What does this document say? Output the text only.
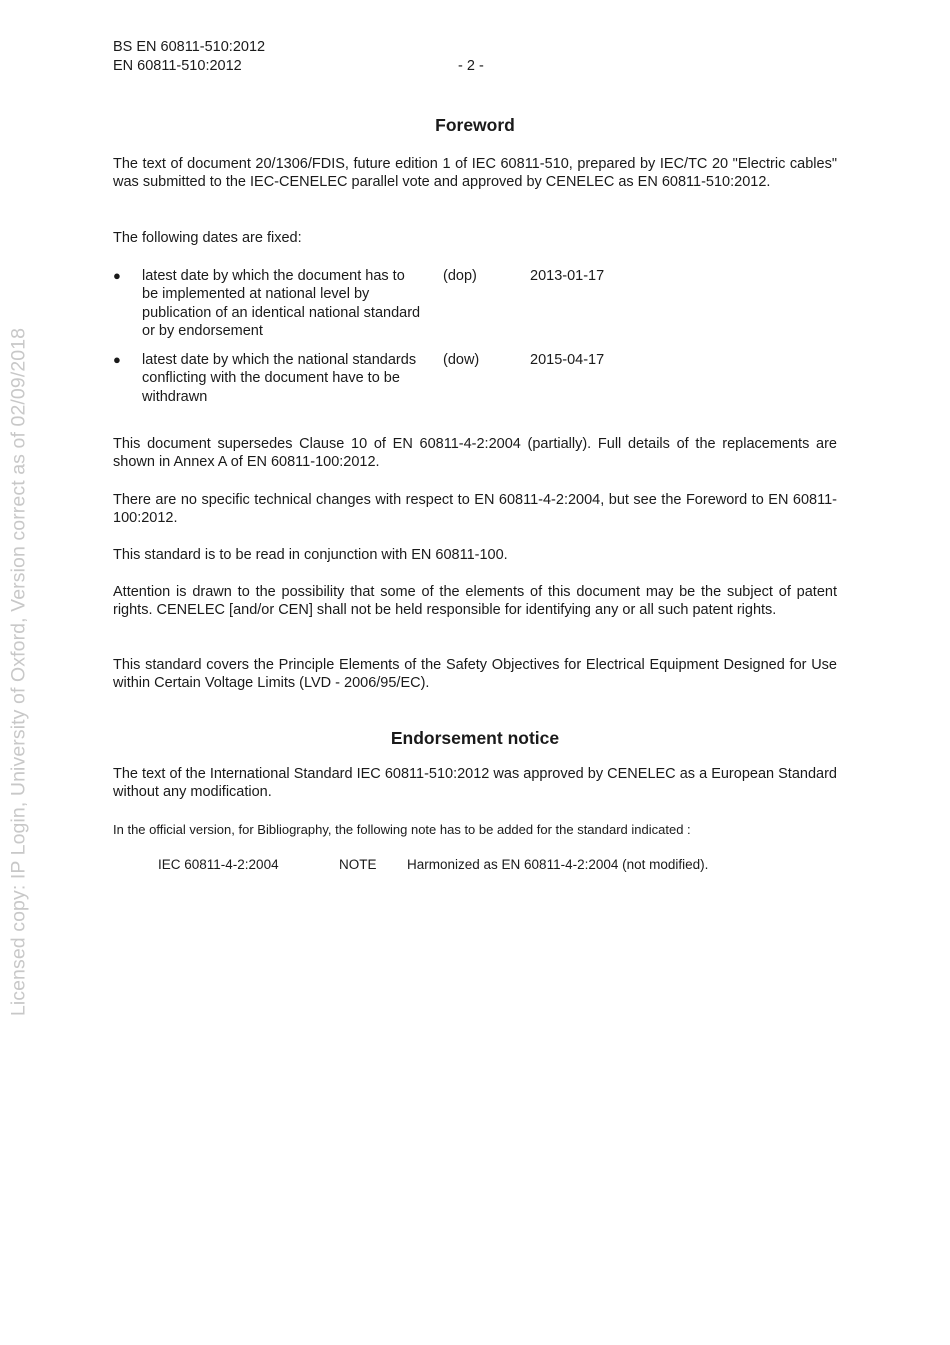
Licensed copy: IP Login, University of Oxford, Version correct as of 02/09/2018
BS EN 60811-510:2012
EN 60811-510:2012	- 2 -
Foreword

The text of document 20/1306/FDIS, future edition 1 of IEC 60811-510, prepared by IEC/TC 20 "Electric cables" was submitted to the IEC-CENELEC parallel vote and approved by CENELEC as EN 60811-510:2012.

The following dates are fixed:

● latest date by which the document has to be implemented at national level by publication of an identical national standard or by endorsement
(dop)	2013-01-17
● latest date by which the national standards conflicting with the document have to be withdrawn
(dow)	2015-04-17

This document supersedes Clause 10 of EN 60811-4-2:2004 (partially). Full details of the replacements are shown in Annex A of EN 60811-100:2012.

There are no specific technical changes with respect to EN 60811-4-2:2004, but see the Foreword to EN 60811-100:2012.

This standard is to be read in conjunction with EN 60811-100.

Attention is drawn to the possibility that some of the elements of this document may be the subject of patent rights. CENELEC [and/or CEN] shall not be held responsible for identifying any or all such patent rights.

This standard covers the Principle Elements of the Safety Objectives for Electrical Equipment Designed for Use within Certain Voltage Limits (LVD - 2006/95/EC).

Endorsement notice

The text of the International Standard IEC 60811-510:2012 was approved by CENELEC as a European Standard without any modification.

In the official version, for Bibliography, the following note has to be added for the standard indicated :
IEC 60811-4-2:2004	NOTE Harmonized as EN 60811-4-2:2004 (not modified).
